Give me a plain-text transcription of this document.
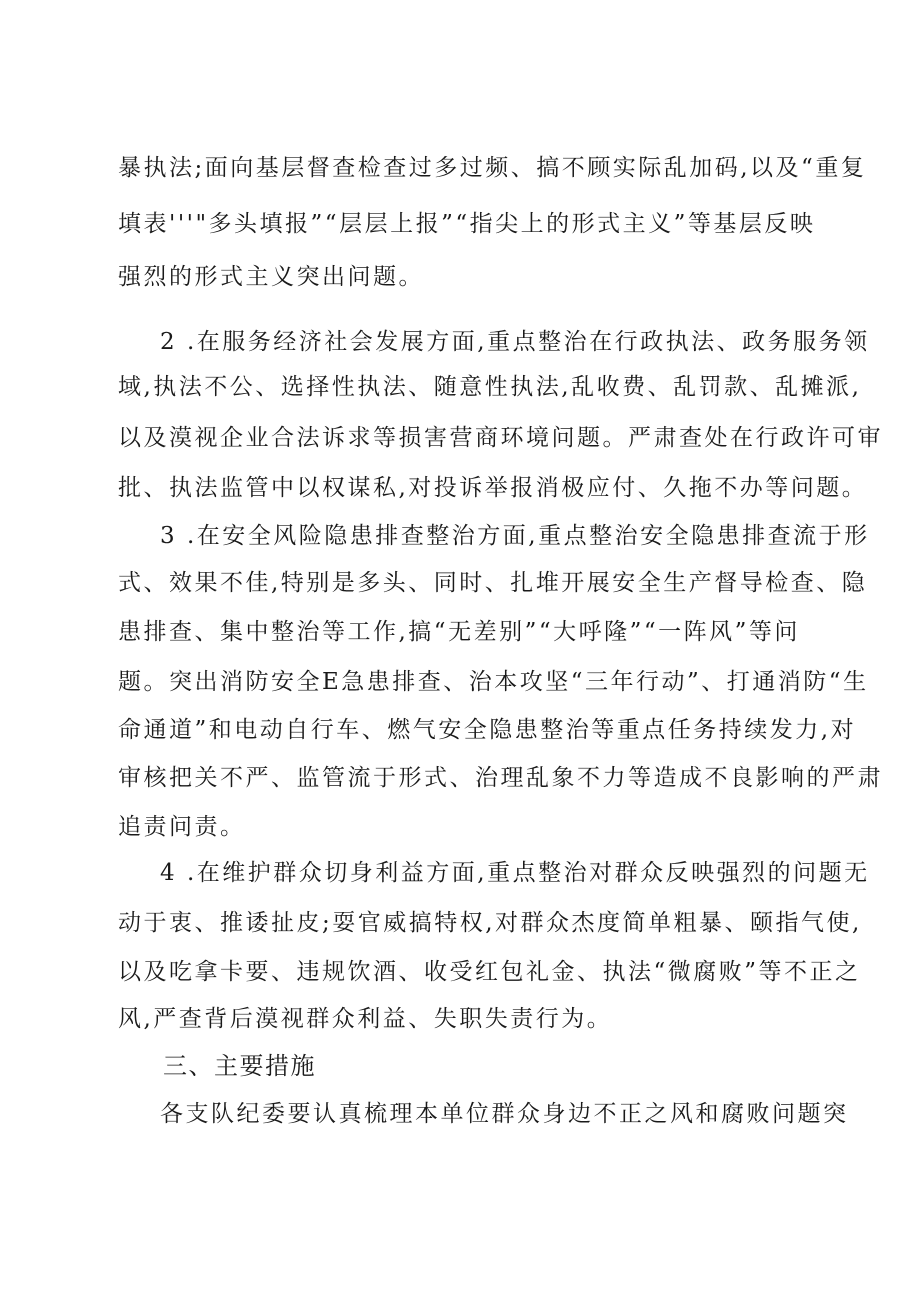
暴执法;面向基层督查检查过多过频、搞不顾实际乱加码,以及“重复
填表'''"多头填报”“层层上报”“指尖上的形式主义”等基层反映
强烈的形式主义突出问题。
2 .在服务经济社会发展方面,重点整治在行政执法、政务服务领
域,执法不公、选择性执法、随意性执法,乱收费、乱罚款、乱摊派,
以及漠视企业合法诉求等损害营商环境问题。严肃查处在行政许可审
批、执法监管中以权谋私,对投诉举报消极应付、久拖不办等问题。
3 .在安全风险隐患排查整治方面,重点整治安全隐患排查流于形
式、效果不佳,特别是多头、同时、扎堆开展安全生产督导检查、隐
患排查、集中整治等工作,搞“无差别”“大呼隆”“一阵风”等问
题。突出消防安全E急患排查、治本攻坚“三年行动”、打通消防“生
命通道”和电动自行车、燃气安全隐患整治等重点任务持续发力,对
审核把关不严、监管流于形式、治理乱象不力等造成不良影响的严肃
追责问责。
4 .在维护群众切身利益方面,重点整治对群众反映强烈的问题无
动于衷、推诿扯皮;耍官威搞特权,对群众杰度简单粗暴、颐指气使,
以及吃拿卡要、违规饮酒、收受红包礼金、执法“微腐败”等不正之
风,严查背后漠视群众利益、失职失责行为。
三、主要措施
各支队纪委要认真梳理本单位群众身边不正之风和腐败问题突
